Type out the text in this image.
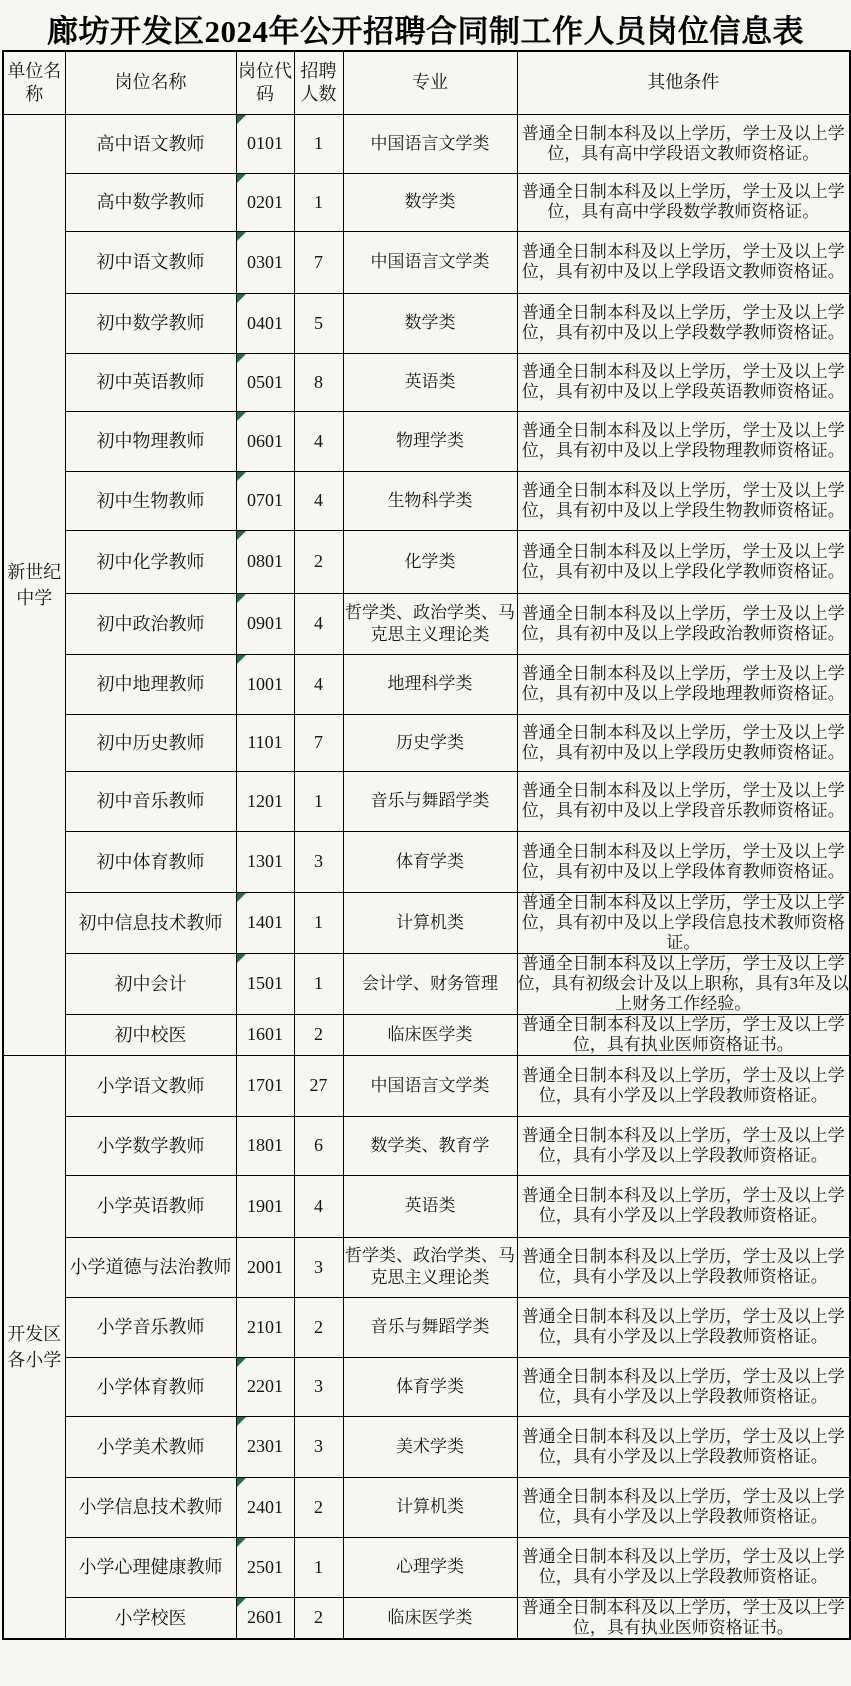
廊坊开发区2024年公开招聘合同制工作人员岗位信息表
单位名称	岗位名称	岗位代码	招聘人数	专业	其他条件
新世纪中学	高中语文教师	0101	1	中国语言文学类	普通全日制本科及以上学历，学士及以上学位，具有高中学段语文教师资格证。
	高中数学教师	0201	1	数学类	普通全日制本科及以上学历，学士及以上学位，具有高中学段数学教师资格证。
	初中语文教师	0301	7	中国语言文学类	普通全日制本科及以上学历，学士及以上学位，具有初中及以上学段语文教师资格证。
	初中数学教师	0401	5	数学类	普通全日制本科及以上学历，学士及以上学位，具有初中及以上学段数学教师资格证。
	初中英语教师	0501	8	英语类	普通全日制本科及以上学历，学士及以上学位，具有初中及以上学段英语教师资格证。
	初中物理教师	0601	4	物理学类	普通全日制本科及以上学历，学士及以上学位，具有初中及以上学段物理教师资格证。
	初中生物教师	0701	4	生物科学类	普通全日制本科及以上学历，学士及以上学位，具有初中及以上学段生物教师资格证。
	初中化学教师	0801	2	化学类	普通全日制本科及以上学历，学士及以上学位，具有初中及以上学段化学教师资格证。
	初中政治教师	0901	4	哲学类、政治学类、马克思主义理论类	普通全日制本科及以上学历，学士及以上学位，具有初中及以上学段政治教师资格证。
	初中地理教师	1001	4	地理科学类	普通全日制本科及以上学历，学士及以上学位，具有初中及以上学段地理教师资格证。
	初中历史教师	1101	7	历史学类	普通全日制本科及以上学历，学士及以上学位，具有初中及以上学段历史教师资格证。
	初中音乐教师	1201	1	音乐与舞蹈学类	普通全日制本科及以上学历，学士及以上学位，具有初中及以上学段音乐教师资格证。
	初中体育教师	1301	3	体育学类	普通全日制本科及以上学历，学士及以上学位，具有初中及以上学段体育教师资格证。
	初中信息技术教师	1401	1	计算机类	普通全日制本科及以上学历，学士及以上学位，具有初中及以上学段信息技术教师资格证。
	初中会计	1501	1	会计学、财务管理	普通全日制本科及以上学历，学士及以上学位，具有初级会计及以上职称，具有3年及以上财务工作经验。
	初中校医	1601	2	临床医学类	普通全日制本科及以上学历，学士及以上学位，具有执业医师资格证书。
开发区各小学	小学语文教师	1701	27	中国语言文学类	普通全日制本科及以上学历，学士及以上学位，具有小学及以上学段教师资格证。
	小学数学教师	1801	6	数学类、教育学	普通全日制本科及以上学历，学士及以上学位，具有小学及以上学段教师资格证。
	小学英语教师	1901	4	英语类	普通全日制本科及以上学历，学士及以上学位，具有小学及以上学段教师资格证。
	小学道德与法治教师	2001	3	哲学类、政治学类、马克思主义理论类	普通全日制本科及以上学历，学士及以上学位，具有小学及以上学段教师资格证。
	小学音乐教师	2101	2	音乐与舞蹈学类	普通全日制本科及以上学历，学士及以上学位，具有小学及以上学段教师资格证。
	小学体育教师	2201	3	体育学类	普通全日制本科及以上学历，学士及以上学位，具有小学及以上学段教师资格证。
	小学美术教师	2301	3	美术学类	普通全日制本科及以上学历，学士及以上学位，具有小学及以上学段教师资格证。
	小学信息技术教师	2401	2	计算机类	普通全日制本科及以上学历，学士及以上学位，具有小学及以上学段教师资格证。
	小学心理健康教师	2501	1	心理学类	普通全日制本科及以上学历，学士及以上学位，具有小学及以上学段教师资格证。
	小学校医	2601	2	临床医学类	普通全日制本科及以上学历，学士及以上学位，具有执业医师资格证书。
